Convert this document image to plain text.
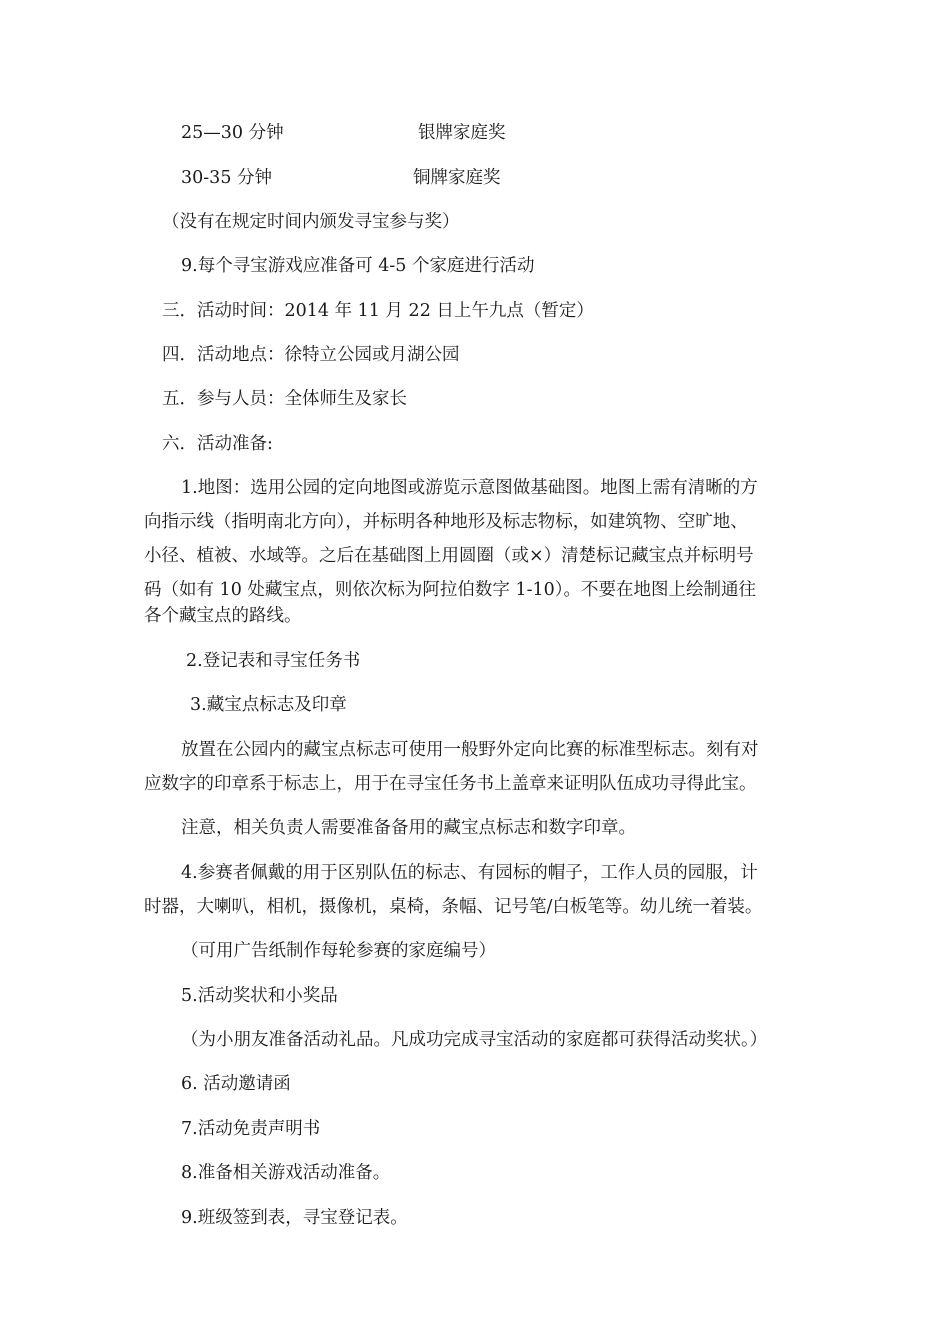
25—30 分钟	银牌家庭奖
30-35 分钟	铜牌家庭奖
（没有在规定时间内颁发寻宝参与奖）
9.每个寻宝游戏应准备可 4-5 个家庭进行活动
三．活动时间：2014 年 11 月 22 日上午九点（暂定）
四．活动地点：徐特立公园或月湖公园
五．参与人员：全体师生及家长
六．活动准备:
1.地图：选用公园的定向地图或游览示意图做基础图。地图上需有清晰的方
向指示线（指明南北方向），并标明各种地形及标志物标，如建筑物、空旷地、
小径、植被、水域等。之后在基础图上用圆圈（或×）清楚标记藏宝点并标明号
码（如有 10 处藏宝点，则依次标为阿拉伯数字 1-10）。不要在地图上绘制通往
各个藏宝点的路线。
2.登记表和寻宝任务书
3.藏宝点标志及印章
放置在公园内的藏宝点标志可使用一般野外定向比赛的标准型标志。刻有对
应数字的印章系于标志上，用于在寻宝任务书上盖章来证明队伍成功寻得此宝。
注意，相关负责人需要准备备用的藏宝点标志和数字印章。
4.参赛者佩戴的用于区别队伍的标志、有园标的帽子，工作人员的园服，计
时器，大喇叭，相机，摄像机，桌椅，条幅、记号笔/白板笔等。幼儿统一着装。
（可用广告纸制作每轮参赛的家庭编号）
5.活动奖状和小奖品
（为小朋友准备活动礼品。凡成功完成寻宝活动的家庭都可获得活动奖状。）
6. 活动邀请函
7.活动免责声明书
8.准备相关游戏活动准备。
9.班级签到表，寻宝登记表。
